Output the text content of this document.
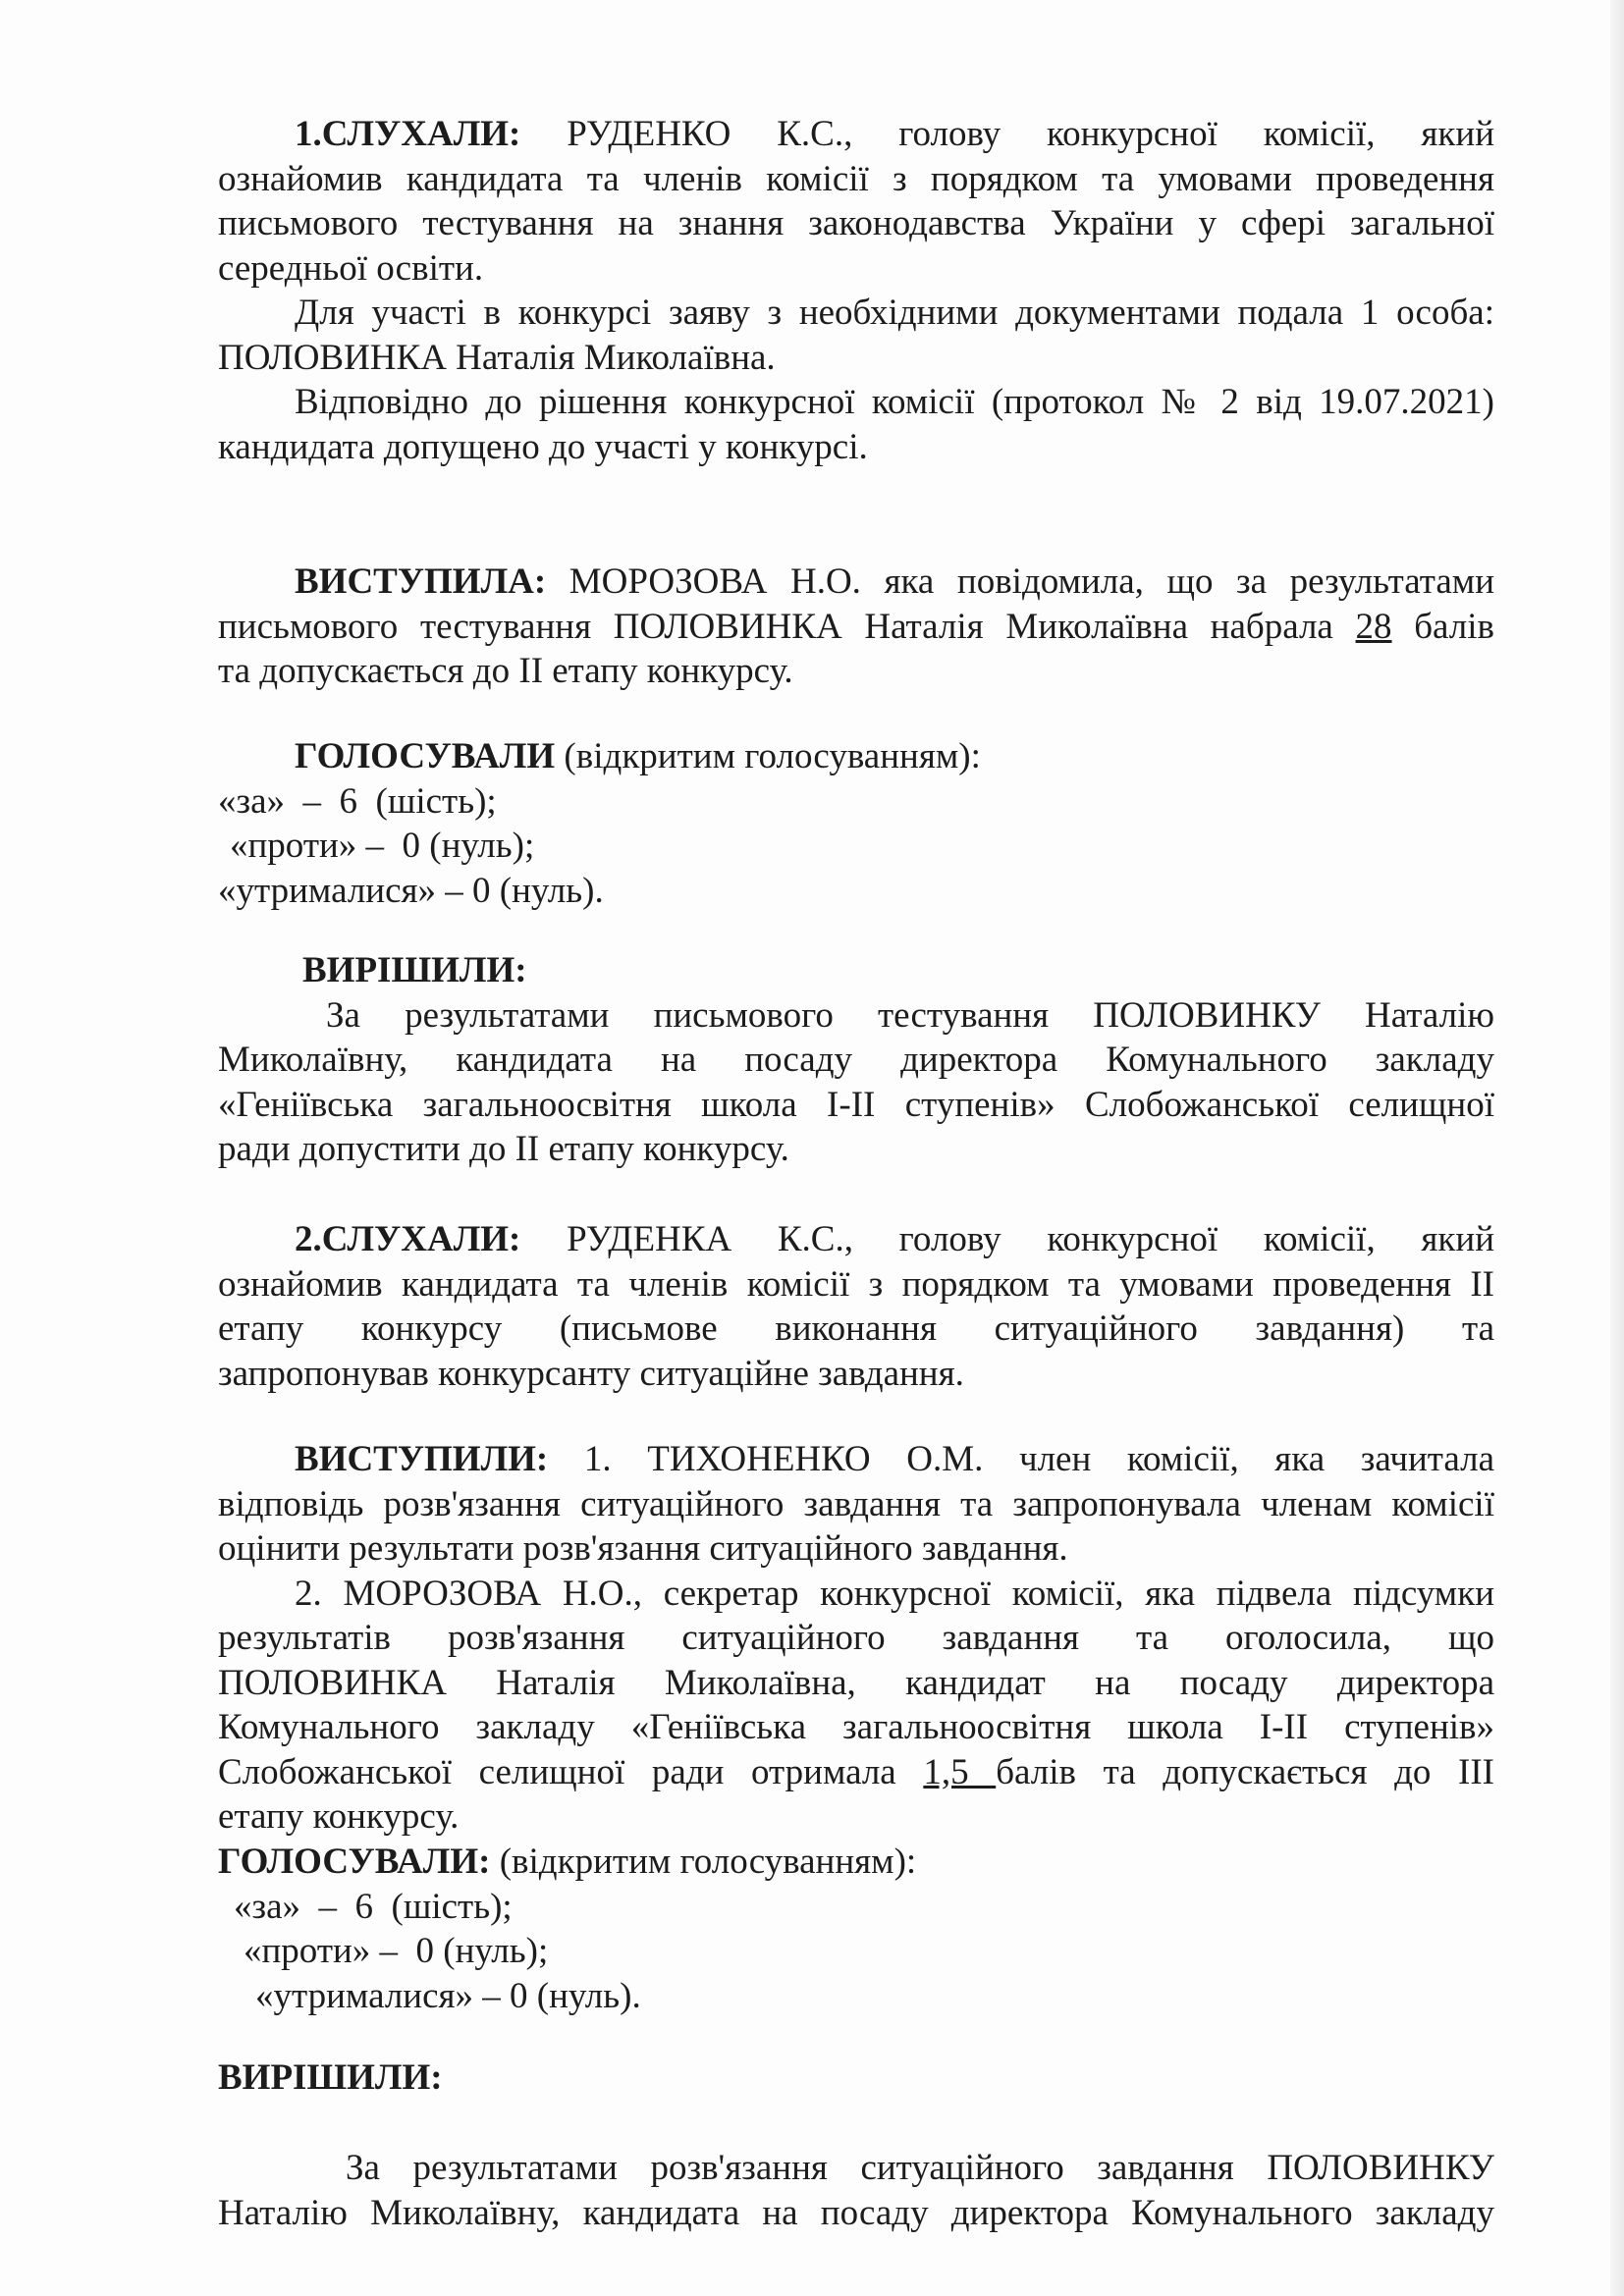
1.СЛУХАЛИ: РУДЕНКО К.С., голову конкурсної комісії, який

ознайомив кандидата та членів комісії з порядком та умовами проведення

письмового тестування на знання законодавства України у сфері загальної

середньої освіти.

Для участі в конкурсі заяву з необхідними документами подала 1 особа:

ПОЛОВИНКА Наталія Миколаївна.

Відповідно до рішення конкурсної комісії (протокол № 2 від 19.07.2021)

кандидата допущено до участі у конкурсі.

ВИСТУПИЛА: МОРОЗОВА Н.О. яка повідомила, що за результатами

письмового тестування ПОЛОВИНКА Наталія Миколаївна набрала 28 балів

та допускається до ІІ етапу конкурсу.

ГОЛОСУВАЛИ (відкритим голосуванням):

«за»  –  6  (шість);

«проти» –  0 (нуль);

«утрималися» – 0 (нуль).

ВИРІШИЛИ:

За результатами письмового тестування ПОЛОВИНКУ Наталію

Миколаївну, кандидата на посаду директора Комунального закладу

«Геніївська загальноосвітня школа І-ІІ ступенів» Слобожанської селищної

ради допустити до ІІ етапу конкурсу.

2.СЛУХАЛИ: РУДЕНКА К.С., голову конкурсної комісії, який

ознайомив кандидата та членів комісії з порядком та умовами проведення ІІ

етапу конкурсу (письмове виконання ситуаційного завдання) та

запропонував конкурсанту ситуаційне завдання.

ВИСТУПИЛИ: 1. ТИХОНЕНКО О.М. член комісії, яка зачитала

відповідь розв'язання ситуаційного завдання та запропонувала членам комісії

оцінити результати розв'язання ситуаційного завдання.

2. МОРОЗОВА Н.О., секретар конкурсної комісії, яка підвела підсумки

результатів розв'язання ситуаційного завдання та оголосила, що

ПОЛОВИНКА Наталія Миколаївна, кандидат на посаду директора

Комунального закладу «Геніївська загальноосвітня школа І-ІІ ступенів»

Слобожанської селищної ради отримала 1,5 балів та допускається до ІІІ

етапу конкурсу.

ГОЛОСУВАЛИ: (відкритим голосуванням):

«за»  –  6  (шість);

«проти» –  0 (нуль);

«утрималися» – 0 (нуль).

ВИРІШИЛИ:

За результатами розв'язання ситуаційного завдання ПОЛОВИНКУ

Наталію Миколаївну, кандидата на посаду директора Комунального закладу
